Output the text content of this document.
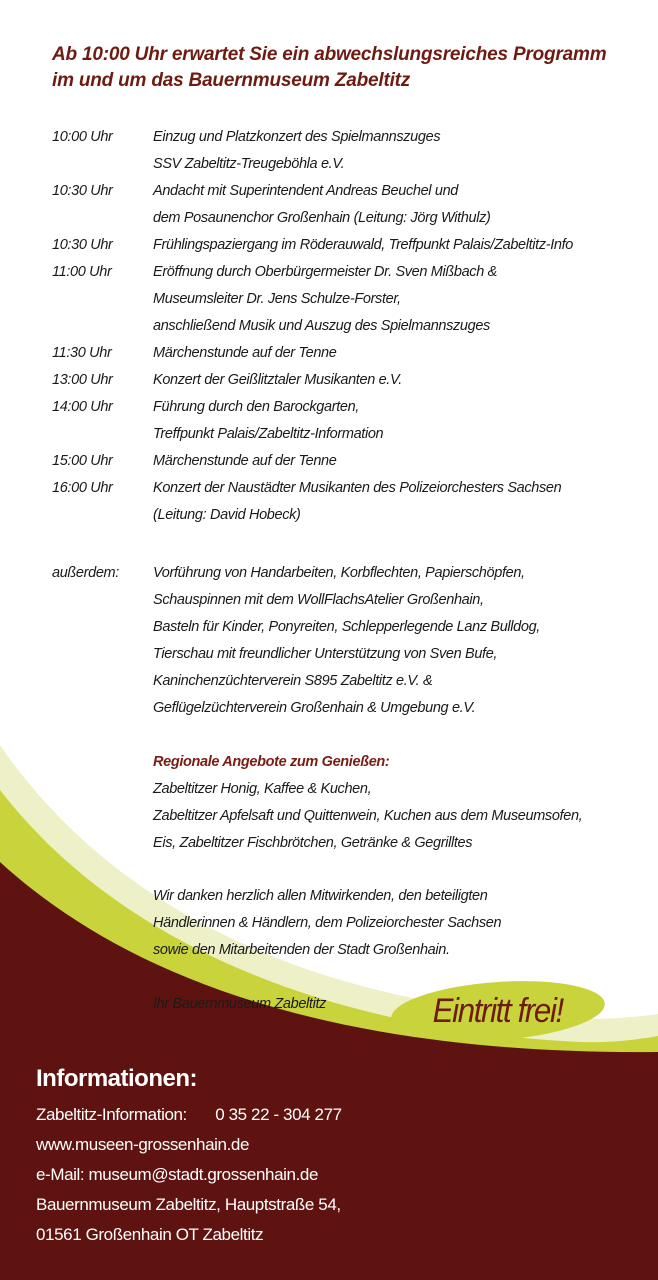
Ab 10:00 Uhr erwartet Sie ein abwechslungsreiches Programm
im und um das Bauernmuseum Zabeltitz
10:00 Uhr	Einzug und Platzkonzert des Spielmannszuges
SSV Zabeltitz-Treugeböhla e.V.
10:30 Uhr	Andacht mit Superintendent Andreas Beuchel und
dem Posaunenchor Großenhain (Leitung: Jörg Withulz)
10:30 Uhr	Frühlingspaziergang im Röderauwald, Treffpunkt Palais/Zabeltitz-Info
11:00 Uhr	Eröffnung durch Oberbürgermeister Dr. Sven Mißbach &
Museumsleiter Dr. Jens Schulze-Forster,
anschließend Musik und Auszug des Spielmannszuges
11:30 Uhr	Märchenstunde auf der Tenne
13:00 Uhr	Konzert der Geißlitztaler Musikanten e.V.
14:00 Uhr	Führung durch den Barockgarten,
Treffpunkt Palais/Zabeltitz-Information
15:00 Uhr	Märchenstunde auf der Tenne
16:00 Uhr	Konzert der Naustädter Musikanten des Polizeiorchesters Sachsen
(Leitung: David Hobeck)
außerdem: Vorführung von Handarbeiten, Korbflechten, Papierschöpfen,
Schauspinnen mit dem WollFlachsAtelier Großenhain,
Basteln für Kinder, Ponyreiten, Schlepperlegende Lanz Bulldog,
Tierschau mit freundlicher Unterstützung von Sven Bufe,
Kaninchenzüchterverein S895 Zabeltitz e.V. &
Geflügelzüchterverein Großenhain & Umgebung e.V.
Regionale Angebote zum Genießen:
Zabeltitzer Honig, Kaffee & Kuchen,
Zabeltitzer Apfelsaft und Quittenwein, Kuchen aus dem Museumsofen,
Eis, Zabeltitzer Fischbrötchen, Getränke & Gegrilltes
Wir danken herzlich allen Mitwirkenden, den beteiligten
Händlerinnen & Händlern, dem Polizeiorchester Sachsen
sowie den Mitarbeitenden der Stadt Großenhain.
Ihr Bauernmuseum Zabeltitz	Eintritt frei!
Informationen:
Zabeltitz-Information: 0 35 22 - 304 277
www.museen-grossenhain.de
e-Mail: museum@stadt.grossenhain.de
Bauernmuseum Zabeltitz, Hauptstraße 54,
01561 Großenhain OT Zabeltitz
